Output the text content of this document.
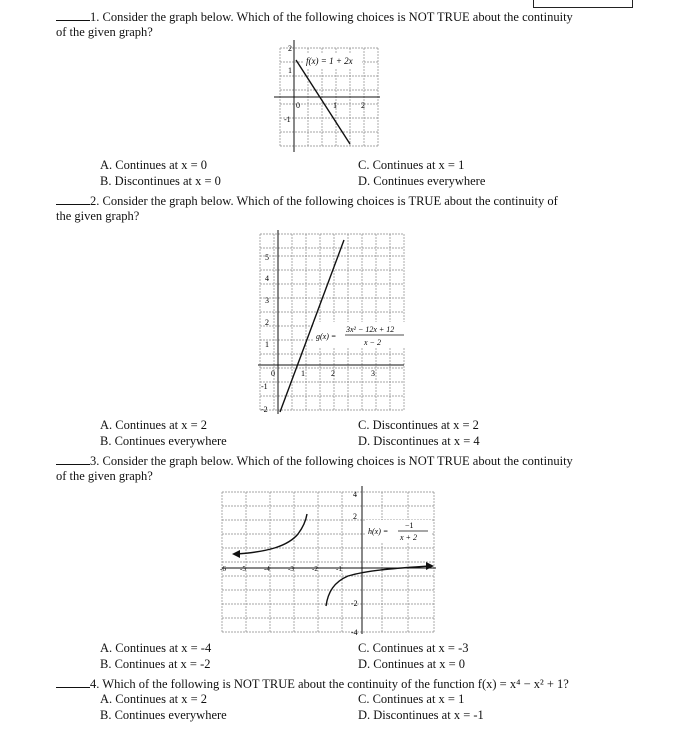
1. Consider the graph below. Which of the following choices is NOT TRUE about the continuity
of the given graph?
f(x) = 1 + 2x
2
1
0	1	2
-1
A. Continues at x = 0	C. Continues at x = 1
B. Discontinues at x = 0	D. Continues everywhere
2. Consider the graph below. Which of the following choices is TRUE about the continuity of
the given graph?
5
4
3
2
1
0	1	2	3
-1
-2
g(x) =
3x² − 12x + 12
x − 2
A. Continues at x = 2	C. Discontinues at x = 2
B. Continues everywhere	D. Discontinues at x = 4
3. Consider the graph below. Which of the following choices is NOT TRUE about the continuity
of the given graph?
4
2
-6 -5	-4	-3	-2	-1
-2
-4
h(x) =
−1
x + 2
A. Continues at x = -4	C. Continues at x = -3
B. Continues at x = -2	D. Continues at x = 0
4. Which of the following is NOT TRUE about the continuity of the function f(x) = x⁴ − x² + 1?
A. Continues at x = 2	C. Continues at x = 1
B. Continues everywhere	D. Discontinues at x = -1
